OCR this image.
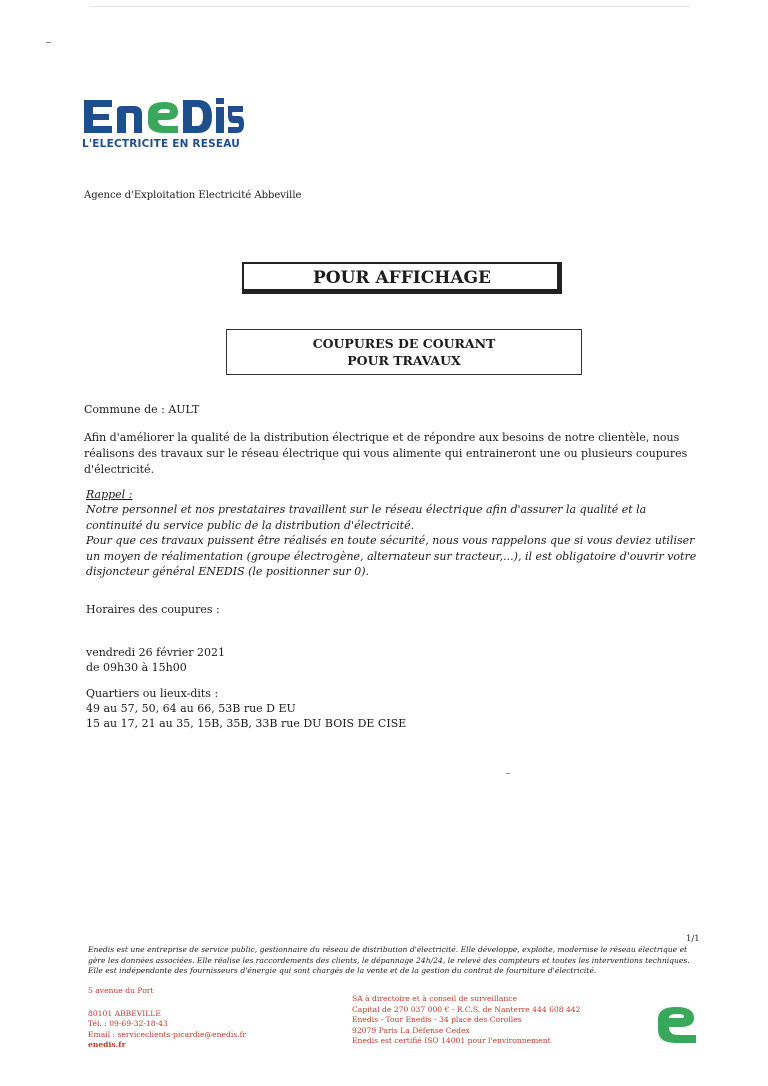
L'ELECTRICITE EN RESEAU
Agence d'Exploitation Electricité Abbeville
POUR AFFICHAGE
COUPURES DE COURANT
POUR TRAVAUX
Commune de : AULT
Afin d'améliorer la qualité de la distribution électrique et de répondre aux besoins de notre clientèle, nous réalisons des travaux sur le réseau électrique qui vous alimente qui entraineront une ou plusieurs coupures d'électricité.
Rappel :
Notre personnel et nos prestataires travaillent sur le réseau électrique afin d'assurer la qualité et la continuité du service public de la distribution d'électricité.
Pour que ces travaux puissent être réalisés en toute sécurité, nous vous rappelons que si vous deviez utiliser un moyen de réalimentation (groupe électrogène, alternateur sur tracteur,...), il est obligatoire d'ouvrir votre disjoncteur général ENEDIS (le positionner sur 0).
Horaires des coupures :
vendredi 26 février 2021
de 09h30 à 15h00
Quartiers ou lieux-dits :
49 au 57, 50, 64 au 66, 53B rue D EU
15 au 17, 21 au 35, 15B, 35B, 33B rue DU BOIS DE CISE
1/1
Enedis est une entreprise de service public, gestionnaire du réseau de distribution d'électricité. Elle développe, exploite, modernise le réseau électrique et gère les données associées. Elle réalise les raccordements des clients, le dépannage 24h/24, le relevé des compteurs et toutes les interventions techniques. Elle est indépendante des fournisseurs d'énergie qui sont chargés de la vente et de la gestion du contrat de fourniture d'électricité.
5 avenue du Port
80101 ABBEVILLE
Tél. : 09-69-32-18-43
Email : serviceclients-picardie@enedis.fr
enedis.fr
SA à directoire et à conseil de surveillance
Capital de 270 037 000 € - R.C.S. de Nanterre 444 608 442
Enedis - Tour Enedis - 34 place des Corolles
92079 Paris La Défense Cedex
Enedis est certifié ISO 14001 pour l'environnement
